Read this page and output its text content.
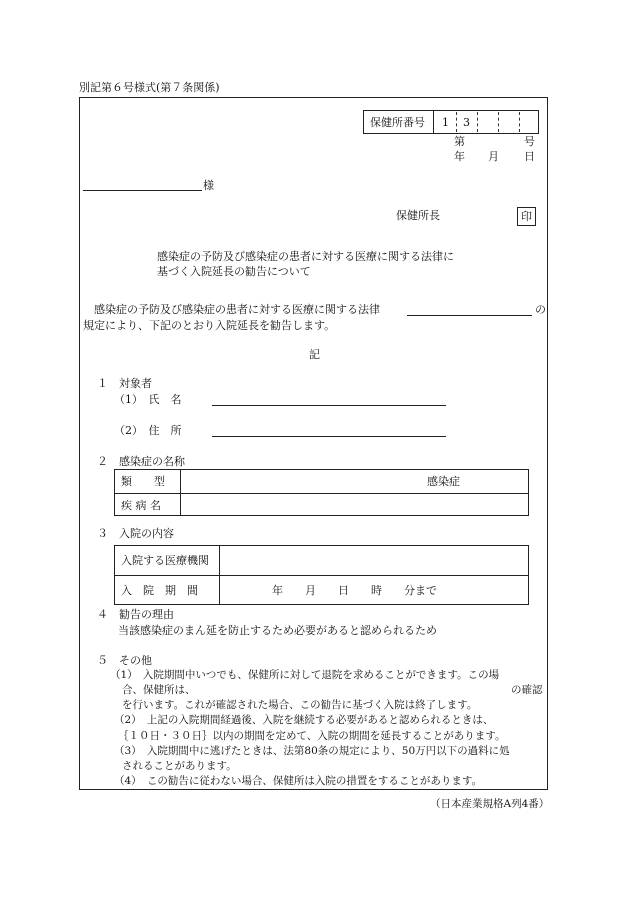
別記第６号様式(第７条関係)
保健所番号 1 3
第	号
年 月 日
様
保健所長	印
感染症の予防及び感染症の患者に対する医療に関する法律に
基づく入院延長の勧告について
感染症の予防及び感染症の患者に対する医療に関する法律	の
規定により、下記のとおり入院延長を勧告します。
記
１　対象者
（1）　氏　名
（2）　住　所
２　感染症の名称
類　　型	感染症
疾 病 名
３　入院の内容
入院する医療機関
入　院　期　間	年　　月　　日　　時　　分まで
４　勧告の理由
当該感染症のまん延を防止するため必要があると認められるため
５　その他
（1）　入院期間中いつでも、保健所に対して退院を求めることができます。この場
合、保健所は、	の確認
を行います。これが確認された場合、この勧告に基づく入院は終了します。
（2）　上記の入院期間経過後、入院を継続する必要があると認められるときは、
｛１０日・３０日｝以内の期間を定めて、入院の期間を延長することがあります。
（3）　入院期間中に逃げたときは、法第80条の規定により、50万円以下の過料に処
されることがあります。
（4）　この勧告に従わない場合、保健所は入院の措置をすることがあります。
（日本産業規格A列4番）
